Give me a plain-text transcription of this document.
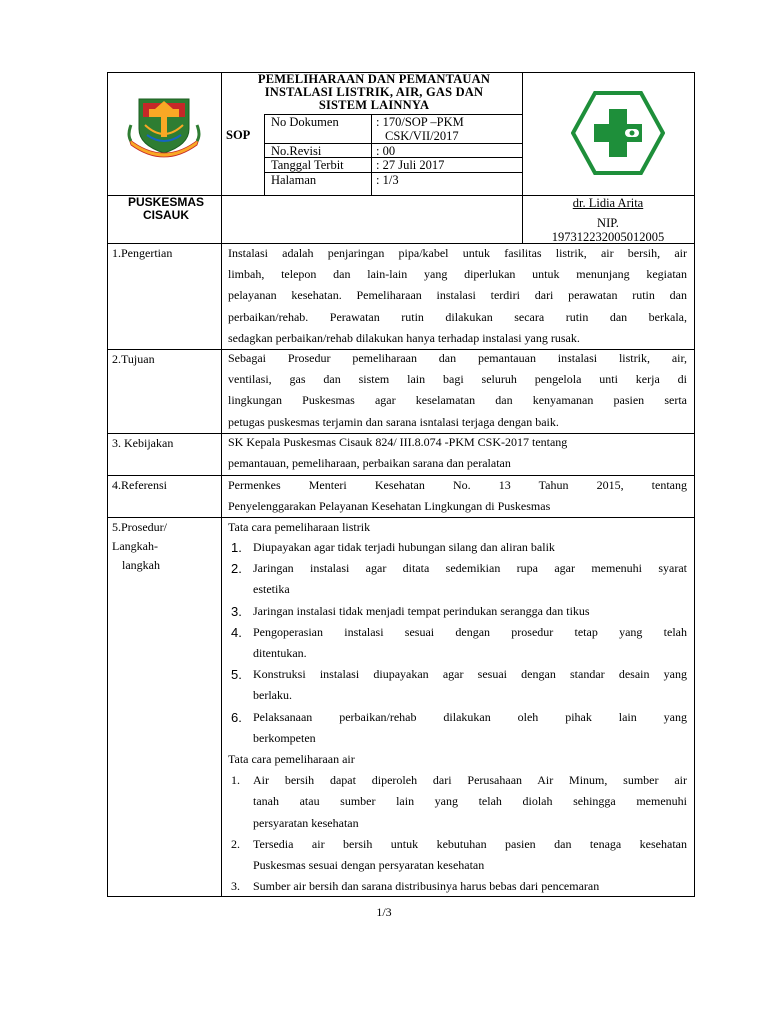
PEMELIHARAAN DAN PEMANTAUAN
INSTALASI LISTRIK, AIR, GAS DAN
SISTEM LAINNYA
SOP
No Dokumen	: 170/SOP –PKM
CSK/VII/2017
No.Revisi	: 00
Tanggal Terbit	: 27 Juli 2017
Halaman	: 1/3
PUSKESMAS
CISAUK
dr. Lidia Arita
NIP.
197312232005012005
1.Pengertian	Instalasi adalah penjaringan pipa/kabel untuk fasilitas listrik, air bersih, air
limbah, telepon dan lain-lain yang diperlukan untuk menunjang kegiatan
pelayanan kesehatan. Pemeliharaan instalasi terdiri dari perawatan rutin dan
perbaikan/rehab. Perawatan rutin dilakukan secara rutin dan berkala,
sedagkan perbaikan/rehab dilakukan hanya terhadap instalasi yang rusak.
2.Tujuan	Sebagai Prosedur pemeliharaan dan pemantauan instalasi listrik, air,
ventilasi, gas dan sistem lain bagi seluruh pengelola unti kerja di
lingkungan Puskesmas agar keselamatan dan kenyamanan pasien serta
petugas puskesmas terjamin dan sarana isntalasi terjaga dengan baik.
3. Kebijakan	SK Kepala Puskesmas Cisauk 824/ III.8.074 -PKM CSK-2017 tentang
pemantauan, pemeliharaan, perbaikan sarana dan peralatan
4.Referensi	Permenkes Menteri Kesehatan No. 13 Tahun 2015, tentang
Penyelenggarakan Pelayanan Kesehatan Lingkungan di Puskesmas
5.Prosedur/
Langkah-
langkah
Tata cara pemeliharaan listrik
1. Diupayakan agar tidak terjadi hubungan silang dan aliran balik
2. Jaringan instalasi agar ditata sedemikian rupa agar memenuhi syarat
estetika
3. Jaringan instalasi tidak menjadi tempat perindukan serangga dan tikus
4. Pengoperasian instalasi sesuai dengan prosedur tetap yang telah
ditentukan.
5. Konstruksi instalasi diupayakan agar sesuai dengan standar desain yang
berlaku.
6. Pelaksanaan perbaikan/rehab dilakukan oleh pihak lain yang
berkompeten
Tata cara pemeliharaan air
1. Air bersih dapat diperoleh dari Perusahaan Air Minum, sumber air
tanah atau sumber lain yang telah diolah sehingga memenuhi
persyaratan kesehatan
2. Tersedia air bersih untuk kebutuhan pasien dan tenaga kesehatan
Puskesmas sesuai dengan persyaratan kesehatan
3. Sumber air bersih dan sarana distribusinya harus bebas dari pencemaran
1/3
